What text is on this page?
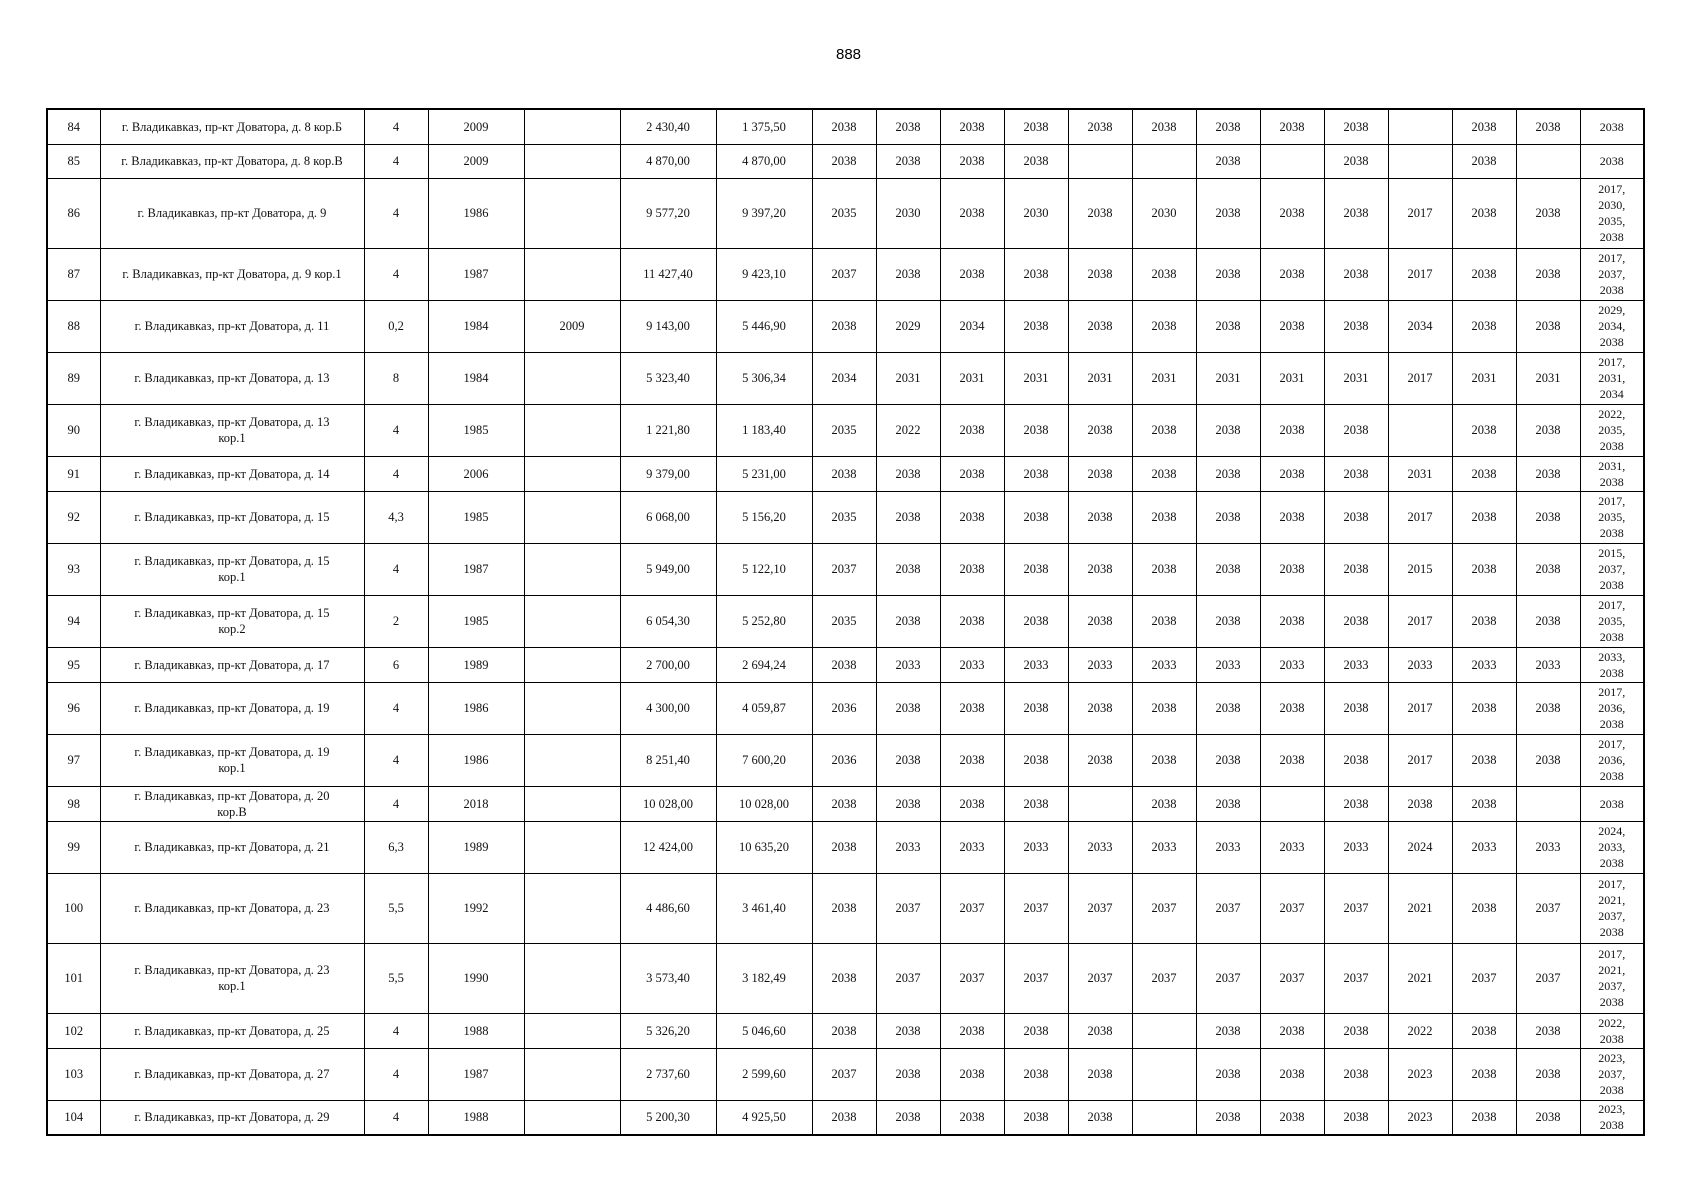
888
84	г. Владикавказ, пр-кт Доватора, д. 8 кор.Б	4	2009		2 430,40	1 375,50	2038	2038	2038	2038	2038	2038	2038	2038	2038		2038	2038	2038
85	г. Владикавказ, пр-кт Доватора, д. 8 кор.В	4	2009		4 870,00	4 870,00	2038	2038	2038	2038			2038		2038		2038		2038
86	г. Владикавказ, пр-кт Доватора, д. 9	4	1986		9 577,20	9 397,20	2035	2030	2038	2030	2038	2030	2038	2038	2038	2017	2038	2038	2017,
2030,
2035,
2038
87	г. Владикавказ, пр-кт Доватора, д. 9 кор.1	4	1987		11 427,40	9 423,10	2037	2038	2038	2038	2038	2038	2038	2038	2038	2017	2038	2038	2017,
2037,
2038
88	г. Владикавказ, пр-кт Доватора, д. 11	0,2	1984	2009	9 143,00	5 446,90	2038	2029	2034	2038	2038	2038	2038	2038	2038	2034	2038	2038	2029,
2034,
2038
89	г. Владикавказ, пр-кт Доватора, д. 13	8	1984		5 323,40	5 306,34	2034	2031	2031	2031	2031	2031	2031	2031	2031	2017	2031	2031	2017,
2031,
2034
90	г. Владикавказ, пр-кт Доватора, д. 13
кор.1	4	1985		1 221,80	1 183,40	2035	2022	2038	2038	2038	2038	2038	2038	2038		2038	2038	2022,
2035,
2038
91	г. Владикавказ, пр-кт Доватора, д. 14	4	2006		9 379,00	5 231,00	2038	2038	2038	2038	2038	2038	2038	2038	2038	2031	2038	2038	2031,
2038
92	г. Владикавказ, пр-кт Доватора, д. 15	4,3	1985		6 068,00	5 156,20	2035	2038	2038	2038	2038	2038	2038	2038	2038	2017	2038	2038	2017,
2035,
2038
93	г. Владикавказ, пр-кт Доватора, д. 15
кор.1	4	1987		5 949,00	5 122,10	2037	2038	2038	2038	2038	2038	2038	2038	2038	2015	2038	2038	2015,
2037,
2038
94	г. Владикавказ, пр-кт Доватора, д. 15
кор.2	2	1985		6 054,30	5 252,80	2035	2038	2038	2038	2038	2038	2038	2038	2038	2017	2038	2038	2017,
2035,
2038
95	г. Владикавказ, пр-кт Доватора, д. 17	6	1989		2 700,00	2 694,24	2038	2033	2033	2033	2033	2033	2033	2033	2033	2033	2033	2033	2033,
2038
96	г. Владикавказ, пр-кт Доватора, д. 19	4	1986		4 300,00	4 059,87	2036	2038	2038	2038	2038	2038	2038	2038	2038	2017	2038	2038	2017,
2036,
2038
97	г. Владикавказ, пр-кт Доватора, д. 19
кор.1	4	1986		8 251,40	7 600,20	2036	2038	2038	2038	2038	2038	2038	2038	2038	2017	2038	2038	2017,
2036,
2038
98	г. Владикавказ, пр-кт Доватора, д. 20
кор.В	4	2018		10 028,00	10 028,00	2038	2038	2038	2038		2038	2038		2038	2038	2038		2038
99	г. Владикавказ, пр-кт Доватора, д. 21	6,3	1989		12 424,00	10 635,20	2038	2033	2033	2033	2033	2033	2033	2033	2033	2024	2033	2033	2024,
2033,
2038
100	г. Владикавказ, пр-кт Доватора, д. 23	5,5	1992		4 486,60	3 461,40	2038	2037	2037	2037	2037	2037	2037	2037	2037	2021	2038	2037	2017,
2021,
2037,
2038
101	г. Владикавказ, пр-кт Доватора, д. 23
кор.1	5,5	1990		3 573,40	3 182,49	2038	2037	2037	2037	2037	2037	2037	2037	2037	2021	2037	2037	2017,
2021,
2037,
2038
102	г. Владикавказ, пр-кт Доватора, д. 25	4	1988		5 326,20	5 046,60	2038	2038	2038	2038	2038		2038	2038	2038	2022	2038	2038	2022,
2038
103	г. Владикавказ, пр-кт Доватора, д. 27	4	1987		2 737,60	2 599,60	2037	2038	2038	2038	2038		2038	2038	2038	2023	2038	2038	2023,
2037,
2038
104	г. Владикавказ, пр-кт Доватора, д. 29	4	1988		5 200,30	4 925,50	2038	2038	2038	2038	2038		2038	2038	2038	2023	2038	2038	2023,
2038
